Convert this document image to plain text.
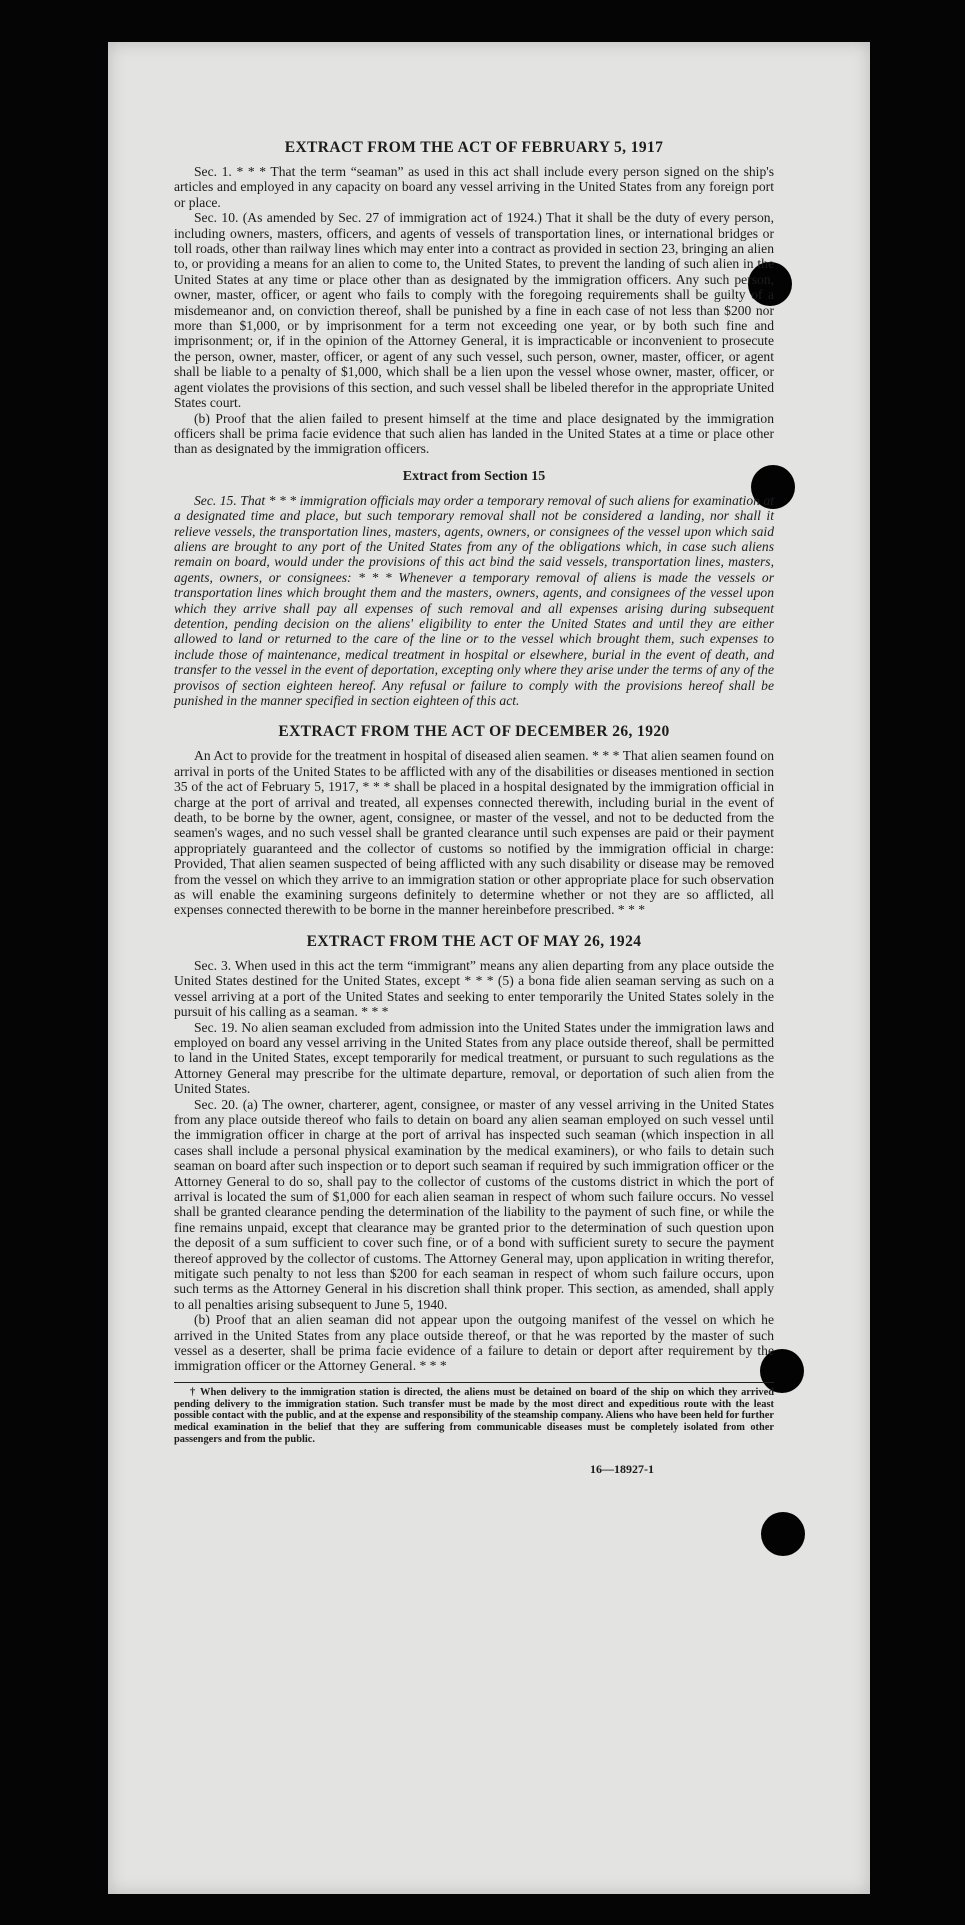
EXTRACT FROM THE ACT OF FEBRUARY 5, 1917

Sec. 1. * * * That the term “seaman” as used in this act shall include every person signed on the ship's articles and employed in any capacity on board any vessel arriving in the United States from any foreign port or place.

Sec. 10. (As amended by Sec. 27 of immigration act of 1924.) That it shall be the duty of every person, including owners, masters, officers, and agents of vessels of transportation lines, or international bridges or toll roads, other than railway lines which may enter into a contract as provided in section 23, bringing an alien to, or providing a means for an alien to come to, the United States, to prevent the landing of such alien in the United States at any time or place other than as designated by the immigration officers. Any such person, owner, master, officer, or agent who fails to comply with the foregoing requirements shall be guilty of a misdemeanor and, on conviction thereof, shall be punished by a fine in each case of not less than $200 nor more than $1,000, or by imprisonment for a term not exceeding one year, or by both such fine and imprisonment; or, if in the opinion of the Attorney General, it is impracticable or inconvenient to prosecute the person, owner, master, officer, or agent of any such vessel, such person, owner, master, officer, or agent shall be liable to a penalty of $1,000, which shall be a lien upon the vessel whose owner, master, officer, or agent violates the provisions of this section, and such vessel shall be libeled therefor in the appropriate United States court.

(b) Proof that the alien failed to present himself at the time and place designated by the immigration officers shall be prima facie evidence that such alien has landed in the United States at a time or place other than as designated by the immigration officers.

Extract from Section 15

Sec. 15. That * * * immigration officials may order a temporary removal of such aliens for examination at a designated time and place, but such temporary removal shall not be considered a landing, nor shall it relieve vessels, the transportation lines, masters, agents, owners, or consignees of the vessel upon which said aliens are brought to any port of the United States from any of the obligations which, in case such aliens remain on board, would under the provisions of this act bind the said vessels, transportation lines, masters, agents, owners, or consignees: * * * Whenever a temporary removal of aliens is made the vessels or transportation lines which brought them and the masters, owners, agents, and consignees of the vessel upon which they arrive shall pay all expenses of such removal and all expenses arising during subsequent detention, pending decision on the aliens' eligibility to enter the United States and until they are either allowed to land or returned to the care of the line or to the vessel which brought them, such expenses to include those of maintenance, medical treatment in hospital or elsewhere, burial in the event of death, and transfer to the vessel in the event of deportation, excepting only where they arise under the terms of any of the provisos of section eighteen hereof. Any refusal or failure to comply with the provisions hereof shall be punished in the manner specified in section eighteen of this act.

EXTRACT FROM THE ACT OF DECEMBER 26, 1920

An Act to provide for the treatment in hospital of diseased alien seamen. * * * That alien seamen found on arrival in ports of the United States to be afflicted with any of the disabilities or diseases mentioned in section 35 of the act of February 5, 1917, * * * shall be placed in a hospital designated by the immigration official in charge at the port of arrival and treated, all expenses connected therewith, including burial in the event of death, to be borne by the owner, agent, consignee, or master of the vessel, and not to be deducted from the seamen's wages, and no such vessel shall be granted clearance until such expenses are paid or their payment appropriately guaranteed and the collector of customs so notified by the immigration official in charge: Provided, That alien seamen suspected of being afflicted with any such disability or disease may be removed from the vessel on which they arrive to an immigration station or other appropriate place for such observation as will enable the examining surgeons definitely to determine whether or not they are so afflicted, all expenses connected therewith to be borne in the manner hereinbefore prescribed. * * *

EXTRACT FROM THE ACT OF MAY 26, 1924

Sec. 3. When used in this act the term “immigrant” means any alien departing from any place outside the United States destined for the United States, except * * * (5) a bona fide alien seaman serving as such on a vessel arriving at a port of the United States and seeking to enter temporarily the United States solely in the pursuit of his calling as a seaman. * * *

Sec. 19. No alien seaman excluded from admission into the United States under the immigration laws and employed on board any vessel arriving in the United States from any place outside thereof, shall be permitted to land in the United States, except temporarily for medical treatment, or pursuant to such regulations as the Attorney General may prescribe for the ultimate departure, removal, or deportation of such alien from the United States.

Sec. 20. (a) The owner, charterer, agent, consignee, or master of any vessel arriving in the United States from any place outside thereof who fails to detain on board any alien seaman employed on such vessel until the immigration officer in charge at the port of arrival has inspected such seaman (which inspection in all cases shall include a personal physical examination by the medical examiners), or who fails to detain such seaman on board after such inspection or to deport such seaman if required by such immigration officer or the Attorney General to do so, shall pay to the collector of customs of the customs district in which the port of arrival is located the sum of $1,000 for each alien seaman in respect of whom such failure occurs. No vessel shall be granted clearance pending the determination of the liability to the payment of such fine, or while the fine remains unpaid, except that clearance may be granted prior to the determination of such question upon the deposit of a sum sufficient to cover such fine, or of a bond with sufficient surety to secure the payment thereof approved by the collector of customs. The Attorney General may, upon application in writing therefor, mitigate such penalty to not less than $200 for each seaman in respect of whom such failure occurs, upon such terms as the Attorney General in his discretion shall think proper. This section, as amended, shall apply to all penalties arising subsequent to June 5, 1940.

(b) Proof that an alien seaman did not appear upon the outgoing manifest of the vessel on which he arrived in the United States from any place outside thereof, or that he was reported by the master of such vessel as a deserter, shall be prima facie evidence of a failure to detain or deport after requirement by the immigration officer or the Attorney General. * * *

† When delivery to the immigration station is directed, the aliens must be detained on board of the ship on which they arrived pending delivery to the immigration station. Such transfer must be made by the most direct and expeditious route with the least possible contact with the public, and at the expense and responsibility of the steamship company. Aliens who have been held for further medical examination in the belief that they are suffering from communicable diseases must be completely isolated from other passengers and from the public.

16—18927-1
